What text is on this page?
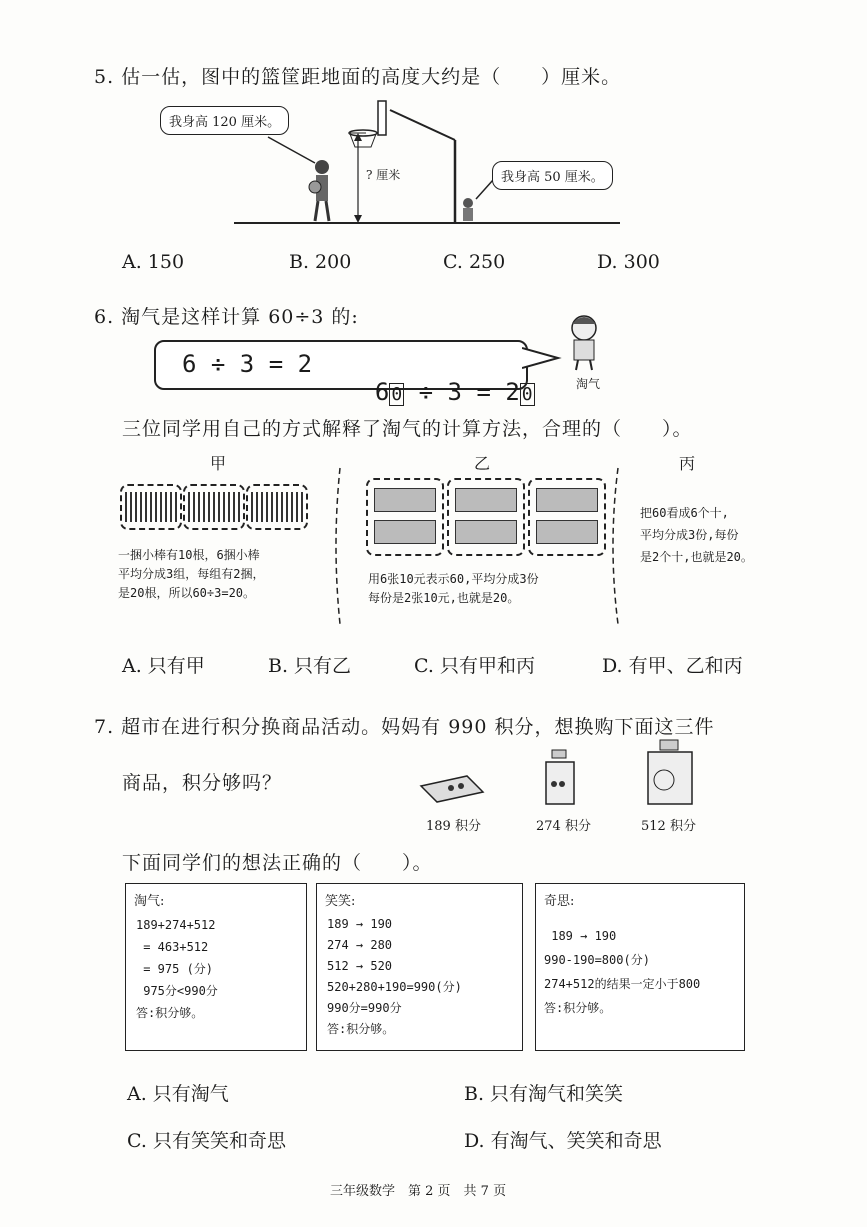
5. 估一估，图中的篮筐距地面的高度大约是（　　）厘米。
我身高 120 厘米。
我身高 50 厘米。
? 厘米
A. 150	B. 200	C. 250	D. 300
6. 淘气是这样计算 60÷3 的:
6 ÷ 3 = 2

6 0 ÷ 3 = 2 0	淘气
三位同学用自己的方式解释了淘气的计算方法，合理的（　　）。
甲	乙	丙
一捆小棒有10根，6捆小棒
平均分成3组，每组有2捆，
是20根，所以60÷3=20。
用6张10元表示60,平均分成3份
每份是2张10元,也就是20。
把60看成6个十,
平均分成3份,每份
是2个十,也就是20。
A. 只有甲	B. 只有乙	C. 只有甲和丙	D. 有甲、乙和丙
7. 超市在进行积分换商品活动。妈妈有 990 积分，想换购下面这三件
商品，积分够吗？
189 积分	274 积分	512 积分
下面同学们的想法正确的（　　）。
淘气:
189+274+512
= 463+512
= 975 (分)
975分<990分
答:积分够。
笑笑:
189 → 190
274 → 280
512 → 520
520+280+190=990(分)
990分=990分
答:积分够。
奇思:
189 → 190
990-190=800(分)
274+512的结果一定小于800
答:积分够。
A. 只有淘气	B. 只有淘气和笑笑
C. 只有笑笑和奇思	D. 有淘气、笑笑和奇思
三年级数学　第 2 页　共 7 页
